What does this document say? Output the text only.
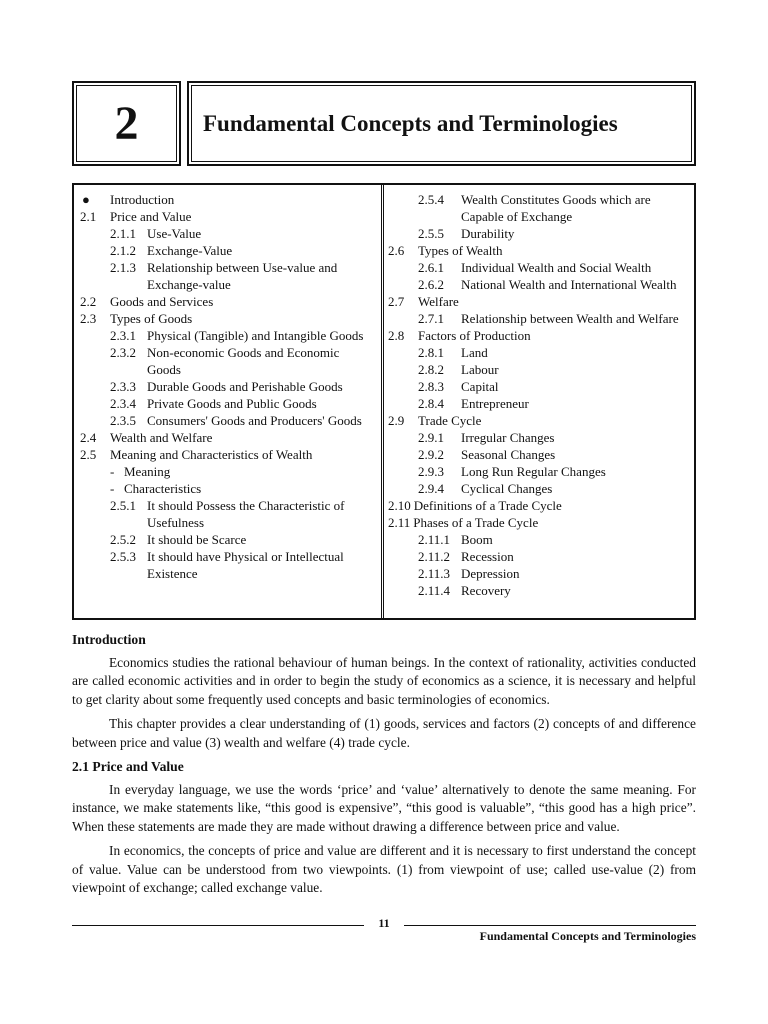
2	Fundamental Concepts and Terminologies
●	Introduction
2.1	Price and Value
2.1.1 Use-Value
2.1.2 Exchange-Value
2.1.3 Relationship between Use-value and Exchange-value
2.2	Goods and Services
2.3	Types of Goods
2.3.1 Physical (Tangible) and Intangible Goods
2.3.2 Non-economic Goods and Economic Goods
2.3.3 Durable Goods and Perishable Goods
2.3.4 Private Goods and Public Goods
2.3.5 Consumers' Goods and Producers' Goods
2.4	Wealth and Welfare
2.5	Meaning and Characteristics of Wealth
- Meaning
- Characteristics
2.5.1 It should Possess the Characteristic of Usefulness
2.5.2 It should be Scarce
2.5.3 It should have Physical or Intellectual Existence
2.5.4	Wealth Constitutes Goods which are Capable of Exchange
2.5.5	Durability
2.6	Types of Wealth
2.6.1	Individual Wealth and Social Wealth
2.6.2	National Wealth and International Wealth
2.7	Welfare
2.7.1	Relationship between Wealth and Welfare
2.8	Factors of Production
2.8.1	Land
2.8.2	Labour
2.8.3	Capital
2.8.4	Entrepreneur
2.9	Trade Cycle
2.9.1	Irregular Changes
2.9.2	Seasonal Changes
2.9.3	Long Run Regular Changes
2.9.4	Cyclical Changes
2.10 Definitions of a Trade Cycle
2.11 Phases of a Trade Cycle
2.11.1 Boom
2.11.2 Recession
2.11.3 Depression
2.11.4 Recovery
Introduction

Economics studies the rational behaviour of human beings. In the context of rationality, activities conducted are called economic activities and in order to begin the study of economics as a science, it is necessary and helpful to get clarity about some frequently used concepts and basic terminologies of economics.

This chapter provides a clear understanding of (1) goods, services and factors (2) concepts of and difference between price and value (3) wealth and welfare (4) trade cycle.

2.1 Price and Value

In everyday language, we use the words ‘price’ and ‘value’ alternatively to denote the same meaning. For instance, we make statements like, “this good is expensive”, “this good is valuable”, “this good has a high price”. When these statements are made they are made without drawing a difference between price and value.

In economics, the concepts of price and value are different and it is necessary to first understand the concept of value. Value can be understood from two viewpoints. (1) from viewpoint of use; called use-value (2) from viewpoint of exchange; called exchange value.

11
Fundamental Concepts and Terminologies
